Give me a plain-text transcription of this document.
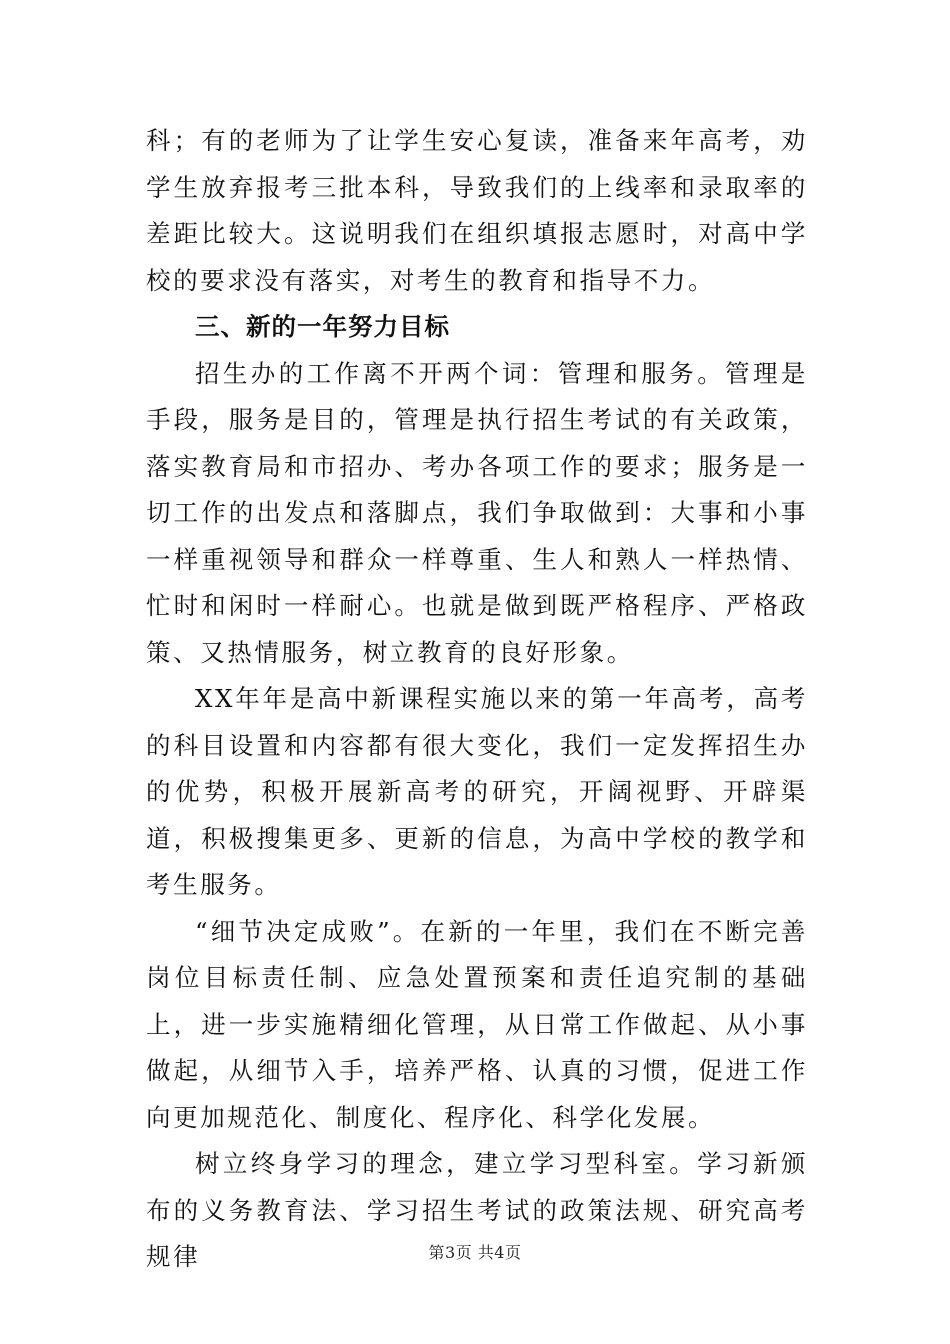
科；有的老师为了让学生安心复读，准备来年高考，劝学生放弃报考三批本科，导致我们的上线率和录取率的差距比较大。这说明我们在组织填报志愿时，对高中学校的要求没有落实，对考生的教育和指导不力。

三、新的一年努力目标

招生办的工作离不开两个词：管理和服务。管理是手段，服务是目的，管理是执行招生考试的有关政策，落实教育局和市招办、考办各项工作的要求；服务是一切工作的出发点和落脚点，我们争取做到：大事和小事一样重视领导和群众一样尊重、生人和熟人一样热情、忙时和闲时一样耐心。也就是做到既严格程序、严格政策、又热情服务，树立教育的良好形象。

XX年年是高中新课程实施以来的第一年高考，高考的科目设置和内容都有很大变化，我们一定发挥招生办的优势，积极开展新高考的研究，开阔视野、开辟渠道，积极搜集更多、更新的信息，为高中学校的教学和考生服务。

“细节决定成败”。在新的一年里，我们在不断完善岗位目标责任制、应急处置预案和责任追究制的基础上，进一步实施精细化管理，从日常工作做起、从小事做起，从细节入手，培养严格、认真的习惯，促进工作向更加规范化、制度化、程序化、科学化发展。

树立终身学习的理念，建立学习型科室。学习新颁布的义务教育法、学习招生考试的政策法规、研究高考规律	第3页 共4页
